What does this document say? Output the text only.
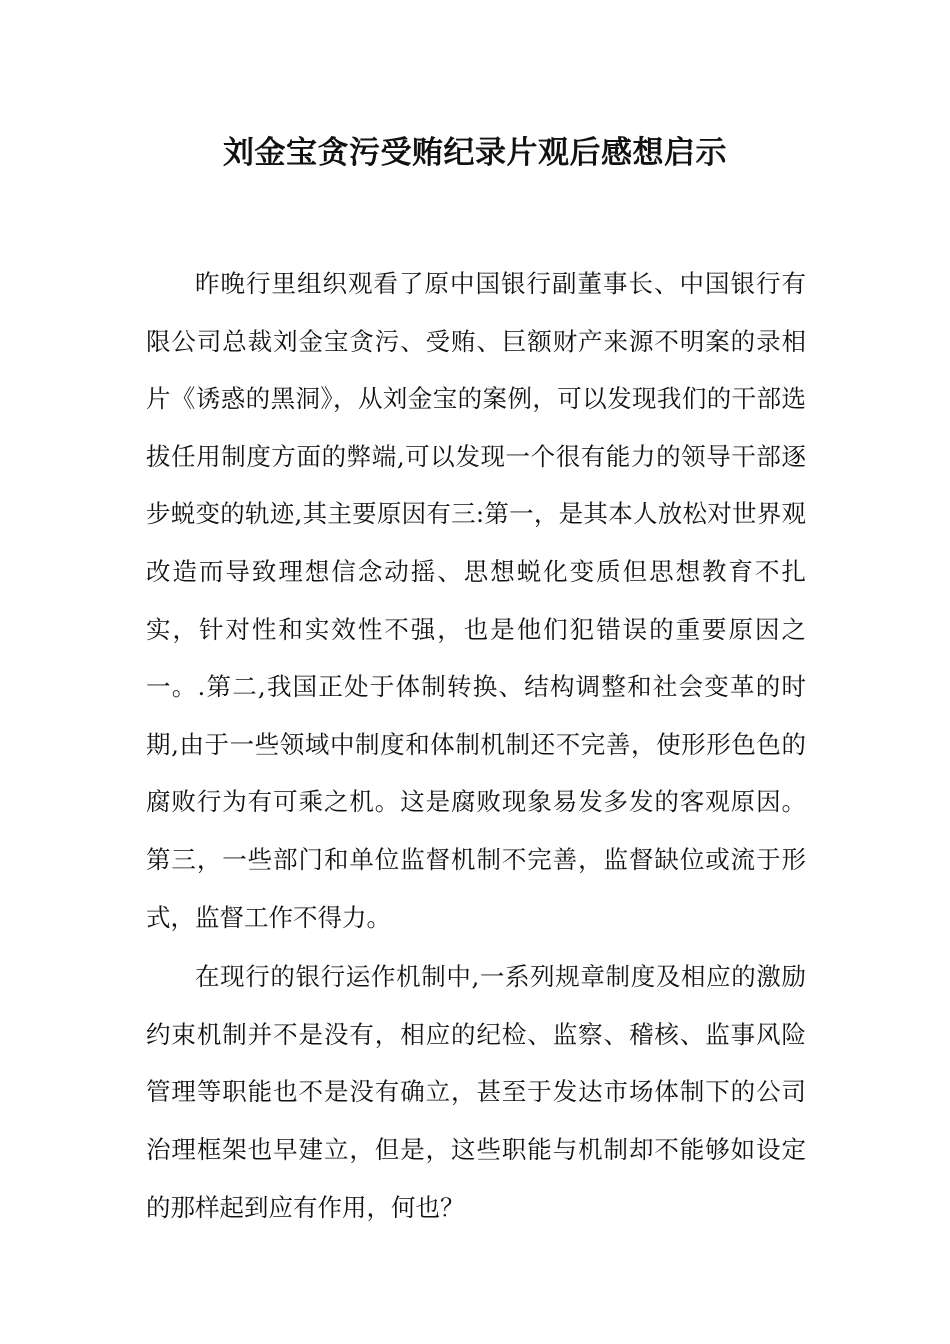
刘金宝贪污受贿纪录片观后感想启示

昨晚行里组织观看了原中国银行副董事长、中国银行有限公司总裁刘金宝贪污、受贿、巨额财产来源不明案的录相片《诱惑的黑洞》，从刘金宝的案例，可以发现我们的干部选拔任用制度方面的弊端,可以发现一个很有能力的领导干部逐步蜕变的轨迹,其主要原因有三:第一，是其本人放松对世界观改造而导致理想信念动摇、思想蜕化变质但思想教育不扎实，针对性和实效性不强，也是他们犯错误的重要原因之一。.第二,我国正处于体制转换、结构调整和社会变革的时期,由于一些领域中制度和体制机制还不完善，使形形色色的腐败行为有可乘之机。这是腐败现象易发多发的客观原因。第三，一些部门和单位监督机制不完善，监督缺位或流于形式，监督工作不得力。

在现行的银行运作机制中,一系列规章制度及相应的激励约束机制并不是没有，相应的纪检、监察、稽核、监事风险管理等职能也不是没有确立，甚至于发达市场体制下的公司治理框架也早建立，但是，这些职能与机制却不能够如设定的那样起到应有作用，何也？
